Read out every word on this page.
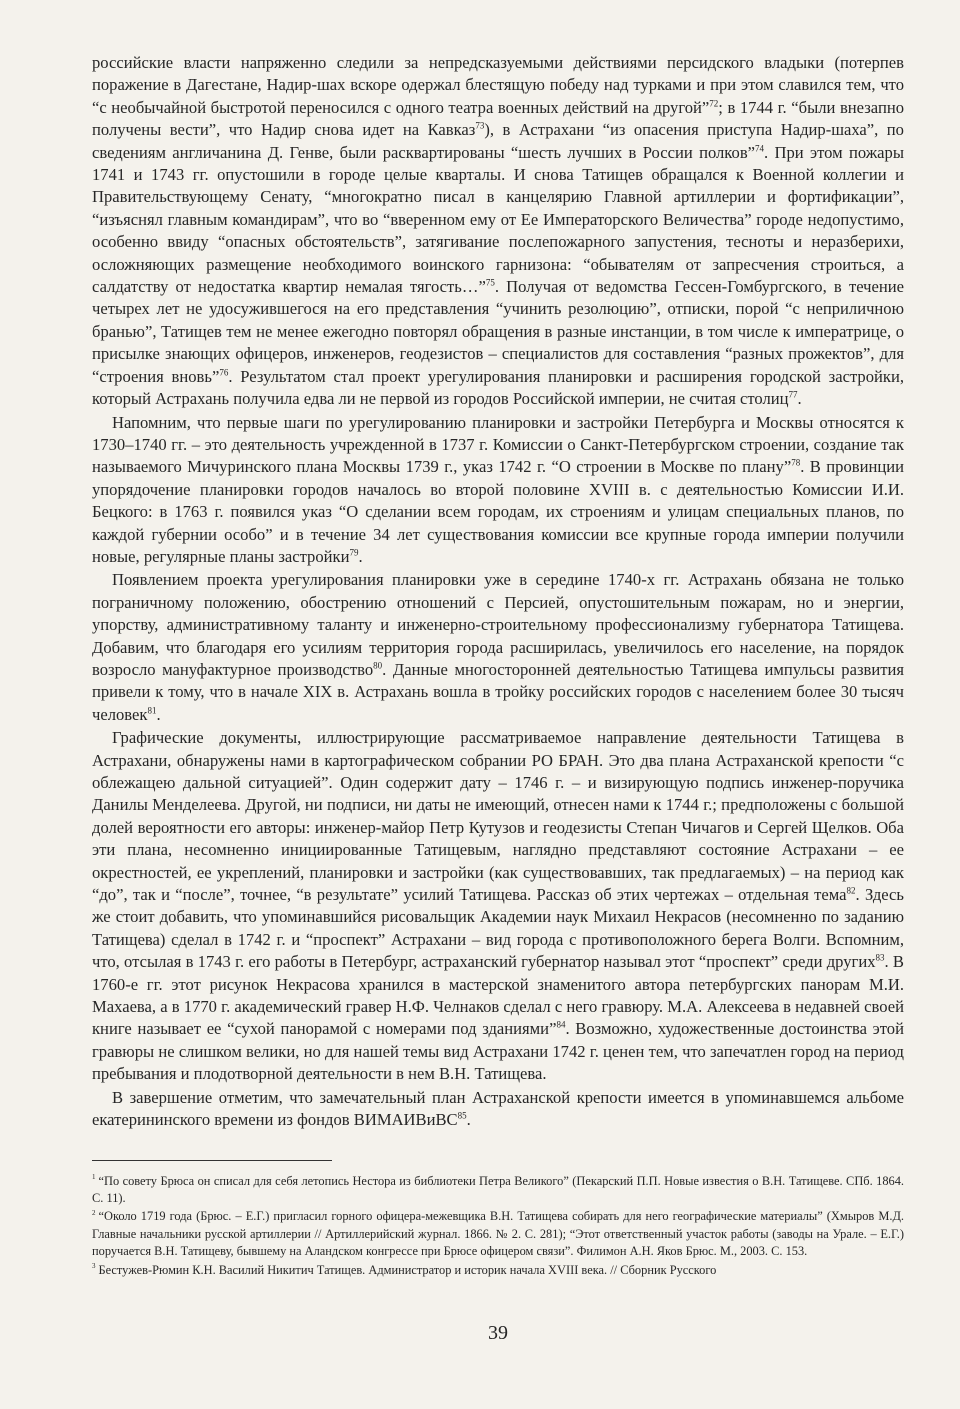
российские власти напряженно следили за непредсказуемыми действиями персидского владыки (потерпев поражение в Дагестане, Надир-шах вскоре одержал блестящую победу над турками и при этом славился тем, что “с необычайной быстротой переносился с одного театра военных действий на другой”$^{72}$; в 1744 г. “были внезапно получены вести”, что Надир снова идет на Кавказ$^{73}$), в Астрахани “из опасения приступа Надир-шаха”, по сведениям англичанина Д. Генве, были расквартированы “шесть лучших в России полков”$^{74}$. При этом пожары 1741 и 1743 гг. опустошили в городе целые кварталы. И снова Татищев обращался к Военной коллегии и Правительствующему Сенату, “многократно писал в канцелярию Главной артиллерии и фортификации”, “изъяснял главным командирам”, что во “вверенном ему от Ее Императорского Величества” городе недопустимо, особенно ввиду “опасных обстоятельств”, затягивание послепожарного запустения, тесноты и неразберихи, осложняющих размещение необходимого воинского гарнизона: “обывателям от запресчения строиться, а салдатству от недостатка квартир немалая тягость…”$^{75}$. Получая от ведомства Гессен-Гомбургского, в течение четырех лет не удосужившегося на его представления “учинить резолюцию”, отписки, порой “с неприличною бранью”, Татищев тем не менее ежегодно повторял обращения в разные инстанции, в том числе к императрице, о присылке знающих офицеров, инженеров, геодезистов – специалистов для составления “разных прожектов”, для “строения вновь”$^{76}$. Результатом стал проект урегулирования планировки и расширения городской застройки, который Астрахань получила едва ли не первой из городов Российской империи, не считая столиц$^{77}$.

Напомним, что первые шаги по урегулированию планировки и застройки Петербурга и Москвы относятся к 1730–1740 гг. – это деятельность учрежденной в 1737 г. Комиссии о Санкт-Петербургском строении, создание так называемого Мичуринского плана Москвы 1739 г., указ 1742 г. “О строении в Москве по плану”$^{78}$. В провинции упорядочение планировки городов началось во второй половине XVIII в. с деятельностью Комиссии И.И. Бецкого: в 1763 г. появился указ “О сделании всем городам, их строениям и улицам специальных планов, по каждой губернии особо” и в течение 34 лет существования комиссии все крупные города империи получили новые, регулярные планы застройки$^{79}$.

Появлением проекта урегулирования планировки уже в середине 1740-х гг. Астрахань обязана не только пограничному положению, обострению отношений с Персией, опустошительным пожарам, но и энергии, упорству, административному таланту и инженерно-строительному профессионализму губернатора Татищева. Добавим, что благодаря его усилиям территория города расширилась, увеличилось его население, на порядок возросло мануфактурное производство$^{80}$. Данные многосторонней деятельностью Татищева импульсы развития привели к тому, что в начале XIX в. Астрахань вошла в тройку российских городов с населением более 30 тысяч человек$^{81}$.

Графические документы, иллюстрирующие рассматриваемое направление деятельности Татищева в Астрахани, обнаружены нами в картографическом собрании РО БРАН. Это два плана Астраханской крепости “с облежащею дальной ситуацией”. Один содержит дату – 1746 г. – и визирующую подпись инженер-поручика Данилы Менделеева. Другой, ни подписи, ни даты не имеющий, отнесен нами к 1744 г.; предположены с большой долей вероятности его авторы: инженер-майор Петр Кутузов и геодезисты Степан Чичагов и Сергей Щелков. Оба эти плана, несомненно инициированные Татищевым, наглядно представляют состояние Астрахани – ее окрестностей, ее укреплений, планировки и застройки (как существовавших, так предлагаемых) – на период как “до”, так и “после”, точнее, “в результате” усилий Татищева. Рассказ об этих чертежах – отдельная тема$^{82}$. Здесь же стоит добавить, что упоминавшийся рисовальщик Академии наук Михаил Некрасов (несомненно по заданию Татищева) сделал в 1742 г. и “проспект” Астрахани – вид города с противоположного берега Волги. Вспомним, что, отсылая в 1743 г. его работы в Петербург, астраханский губернатор называл этот “проспект” среди других$^{83}$. В 1760-е гг. этот рисунок Некрасова хранился в мастерской знаменитого автора петербургских панорам М.И. Махаева, а в 1770 г. академический гравер Н.Ф. Челнаков сделал с него гравюру. М.А. Алексеева в недавней своей книге называет ее “сухой панорамой с номерами под зданиями”$^{84}$. Возможно, художественные достоинства этой гравюры не слишком велики, но для нашей темы вид Астрахани 1742 г. ценен тем, что запечатлен город на период пребывания и плодотворной деятельности в нем В.Н. Татищева.

В завершение отметим, что замечательный план Астраханской крепости имеется в упоминавшемся альбоме екатерининского времени из фондов ВИМАИВиВС$^{85}$.

$^1$ “По совету Брюса он списал для себя летопись Нестора из библиотеки Петра Великого” (Пекарский П.П. Новые известия о В.Н. Татищеве. СПб. 1864. С. 11).

$^2$ “Около 1719 года (Брюс. – Е.Г.) пригласил горного офицера-межевщика В.Н. Татищева собирать для него географические материалы” (Хмыров М.Д. Главные начальники русской артиллерии // Артиллерийский журнал. 1866. № 2. С. 281); “Этот ответственный участок работы (заводы на Урале. – Е.Г.) поручается В.Н. Татищеву, бывшему на Аландском конгрессе при Брюсе офицером связи”. Филимон А.Н. Яков Брюс. М., 2003. С. 153.

$^3$ Бестужев-Рюмин К.Н. Василий Никитич Татищев. Администратор и историк начала XVIII века. // Сборник Русского

39
